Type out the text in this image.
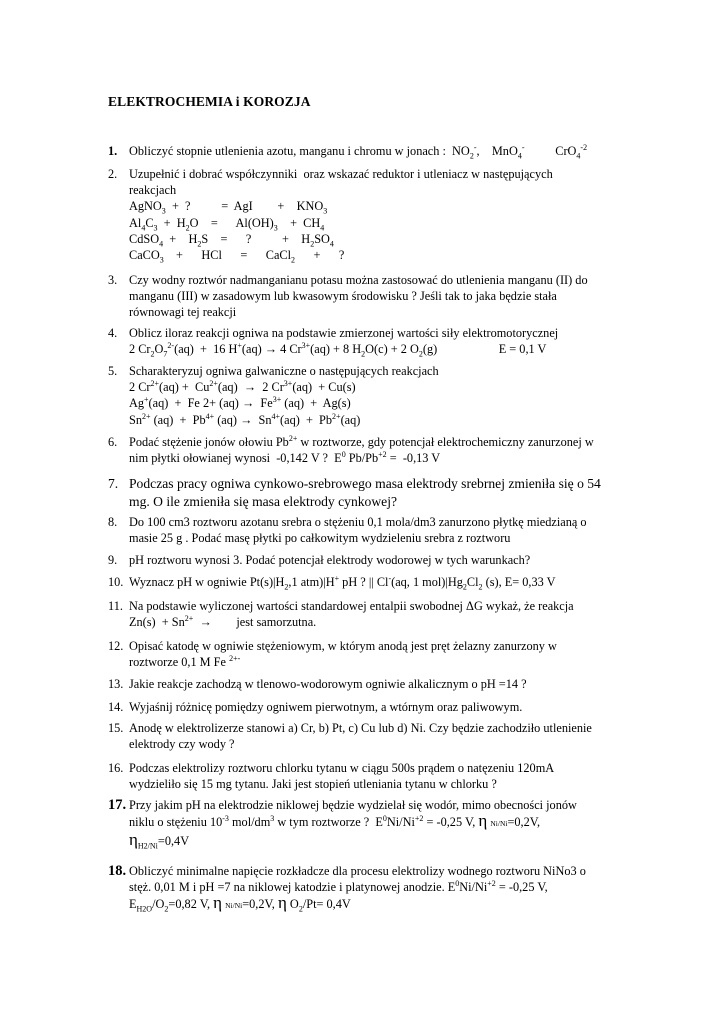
ELEKTROCHEMIA i KOROZJA
1. Obliczyć stopnie utlenienia azotu, manganu i chromu w jonach :  $NO_2^-$,    MnO$_4$-          CrO$_4^{-2}$
2. Uzupełnić i dobrać współczynniki  oraz wskazać reduktor i utleniacz w następujących
reakcjach
AgNO$_3$  +  ?          =  AgI        +    $KNO_3$
$Al_4C_3 + H_2O$    =      $Al(OH)_3$    +  $CH_4$
CdSO$_4$  +    $H_2S$    =      ?          +    $H_2SO_4$
CaCO$_3$    +      HCl      =      CaCl$_2$      +      ?
3. Czy wodny roztwór nadmanganianu potasu można zastosować do utlenienia manganu (II) do
manganu (III) w zasadowym lub kwasowym środowisku ? Jeśli tak to jaka będzie stała
równowagi tej reakcji
4. Oblicz iloraz reakcji ogniwa na podstawie zmierzonej wartości siły elektromotorycznej
2 $Cr_2O_7^{2-}(aq) + 16$ H+(aq) → 4 $Cr^{3+}(aq) + 8$ $H_2O(c) + 2$ $O_2(g)$                    E = 0,1 V
5. Scharakteryzuj ogniwa galwaniczne o następujących reakcjach
2 $Cr^{2+}(aq) + Cu^{2+}(aq) \to 2$ $Cr^{3+}(aq) + Cu(s)$
Ag+(aq)  +  Fe $2+ (aq) \to Fe^{3+}$ (aq)  +  Ag(s)
$Sn^{2+}$ $(aq) + Pb^{4+}$ $(aq) \to Sn^{4+}(aq) + Pb^{2+}(aq)$
6. Podać stężenie jonów ołowiu $Pb^{2+}$ w roztworze, gdy potencjał elektrochemiczny zanurzonej w
nim płytki ołowianej wynosi  -0,142 V ?  $E^0$ $Pb/Pb^{+2} = -0,13$ V
7. Podczas pracy ogniwa cynkowo-srebrowego masa elektrody srebrnej zmieniła się o 54
mg. O ile zmieniła się masa elektrody cynkowej?
8. Do 100 cm3 roztworu azotanu srebra o stężeniu 0,1 mola/dm3 zanurzono płytkę miedzianą o
masie 25 g . Podać masę płytki po całkowitym wydzieleniu srebra z roztworu
9. pH roztworu wynosi 3. Podać potencjał elektrody wodorowej w tych warunkach?
10. Wyznacz pH w ogniwie $Pt(s)|H_2,1$ atm)|H+ pH ? || Cl-(aq, 1 $mol)|Hg_2Cl_2$ (s), E= 0,33 V
11. Na podstawie wyliczonej wartości standardowej entalpii swobodnej ΔG wykaż, że reakcja
$Zn(s) + Sn^{2+}$  →        jest samorzutna.
12. Opisać katodę w ogniwie stężeniowym, w którym anodą jest pręt żelazny zanurzony w
roztworze 0,1 M Fe $^{2+-}$
13. Jakie reakcje zachodzą w tlenowo-wodorowym ogniwie alkalicznym o pH =14 ?
14. Wyjaśnij różnicę pomiędzy ogniwem pierwotnym, a wtórnym oraz paliwowym.
15. Anodę w elektrolizerze stanowi a) Cr, b) Pt, c) Cu lub d) Ni. Czy będzie zachodziło utlenienie
elektrody czy wody ?
16. Podczas elektrolizy roztworu chlorku tytanu w ciągu 500s prądem o natęzeniu 120mA
wydzieliło się 15 mg tytanu. Jaki jest stopień utleniania tytanu w chlorku ?
17. Przy jakim pH na elektrodzie niklowej będzie wydzielał się wodór, mimo obecności jonów
niklu o stężeniu $10^{-3}$ mol/$dm^3$ w tym roztworze ?  $E^0Ni/Ni^{+2} = -0,25$ V, η Ni/Ni=0,2V,
$\eta_{H2/Ni}=0,4V$
18. Obliczyć minimalne napięcie rozkładcze dla procesu elektrolizy wodnego roztworu NiNo3 o
stęż. 0,01 M i pH =7 na niklowej katodzie i platynowej anodzie. $E^0Ni/Ni^{+2} = -0,25$ V,
$E_{H2O}/O_2=0,82$ V, η Ni/Ni=0,2V, η $O_2/Pt= 0,4V$
